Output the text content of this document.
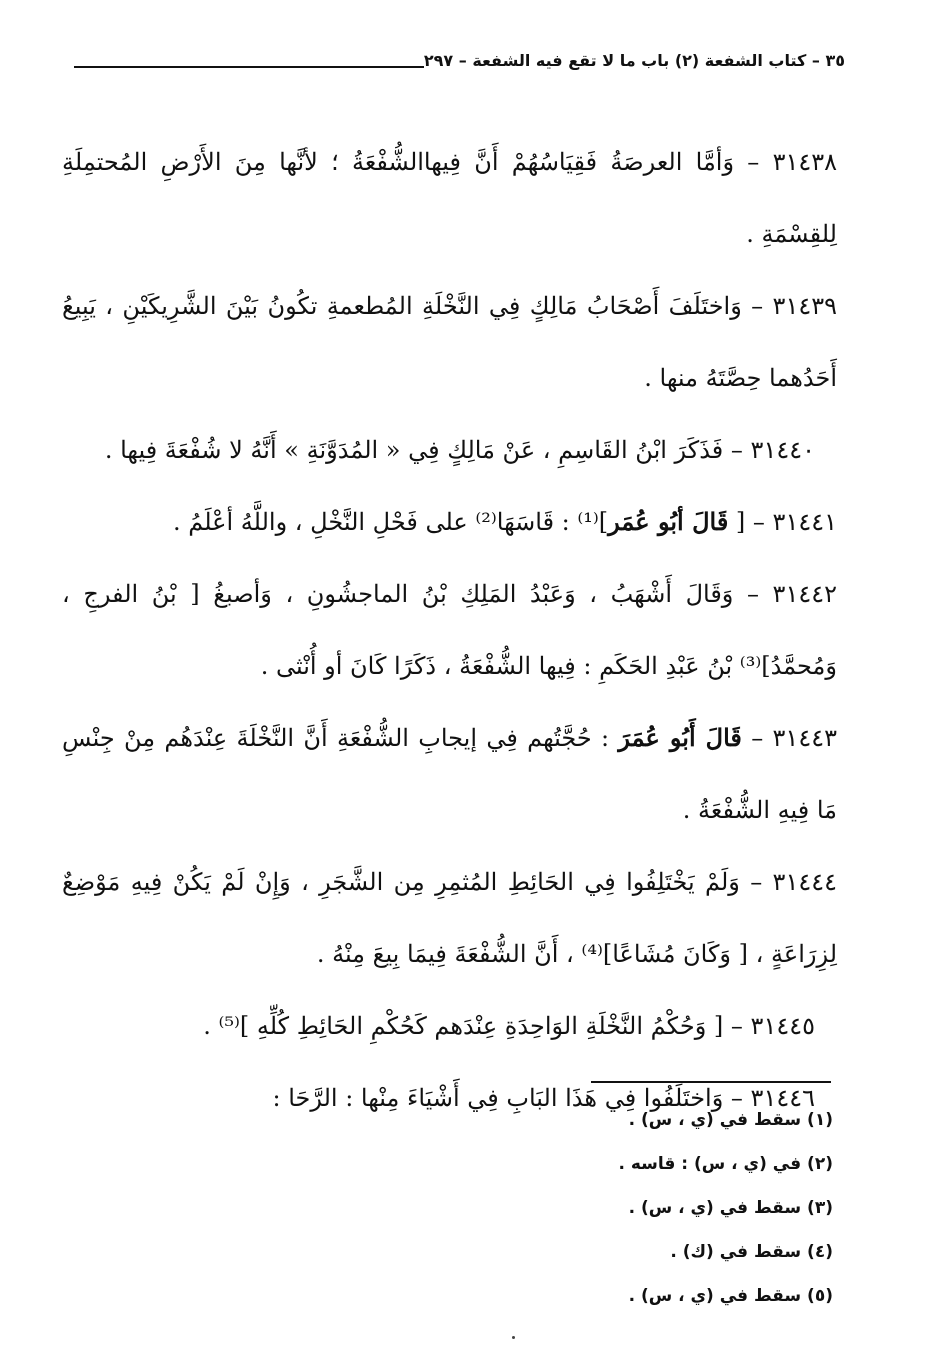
٣٥ – كتاب الشفعة (٢) باب ما لا تقع فيه الشفعة – ٢٩٧

٣١٤٣٨ – وَأمَّا العرصَةُ فَقِيَاسُهُمْ أَنَّ فِيهاالشُّفْعَةُ ؛ لأنَّها مِنَ الأَرْضِ المُحتمِلَةِ لِلقِسْمَةِ .

٣١٤٣٩ – وَاختَلَفَ أَصْحَابُ مَالِكٍ فِي النَّخْلَةِ المُطعمةِ تكُونُ بَيْنَ الشَّرِيكَيْنِ ، يَبِيعُ أَحَدُهما حِصَّتَهُ منها .

٣١٤٤٠ – فَذَكَرَ ابْنُ القَاسِمِ ، عَنْ مَالِكٍ فِي « المُدَوَّنَةِ » أَنَّهُ لا شُفْعَةَ فِيها .

٣١٤٤١ – [ قَالَ أبُو عُمَر]⁽¹⁾ : قَاسَهَا⁽²⁾ على فَحْلِ النَّخْلِ ، واللَّهُ أعْلَمُ .

٣١٤٤٢ – وَقَالَ أَشْهَبُ ، وَعَبْدُ المَلِكِ بْنُ الماجشُونِ ، وَأصبغُ [ بْنُ الفرجِ ، وَمُحمَّدُ]⁽³⁾ بْنُ عَبْدِ الحَكَمِ : فِيها الشُّفْعَةُ ، ذَكَرًا كَانَ أو أُنْثى .

٣١٤٤٣ – قَالَ أَبُو عُمَرَ : حُجَّتُهم فِي إيجابِ الشُّفْعَةِ أَنَّ النَّخْلَةَ عِنْدَهُم مِنْ جِنْسِ مَا فِيهِ الشُّفْعَةُ .

٣١٤٤٤ – وَلَمْ يَخْتَلِفُوا فِي الحَائِطِ المُثمِرِ مِن الشَّجَرِ ، وَإِنْ لَمْ يَكُنْ فِيهِ مَوْضِعٌ لِزِرَاعَةٍ ، [ وَكَانَ مُشَاعًا]⁽⁴⁾ ، أَنَّ الشُّفْعَةَ فِيمَا بِيعَ مِنْهُ .

٣١٤٤٥ – [ وَحُكْمُ النَّخْلَةِ الوَاحِدَةِ عِنْدَهم كَحُكْمِ الحَائِطِ كُلِّهِ ]⁽⁵⁾ .

٣١٤٤٦ – وَاختَلَفُوا فِي هَذَا البَابِ فِي أَشْيَاءَ مِنْها : الرَّحَا :

(١) سقط في (ي ، س) .

(٢) في (ي ، س) : قاسه .

(٣) سقط في (ي ، س) .

(٤) سقط في (ك) .

(٥) سقط في (ي ، س) .
